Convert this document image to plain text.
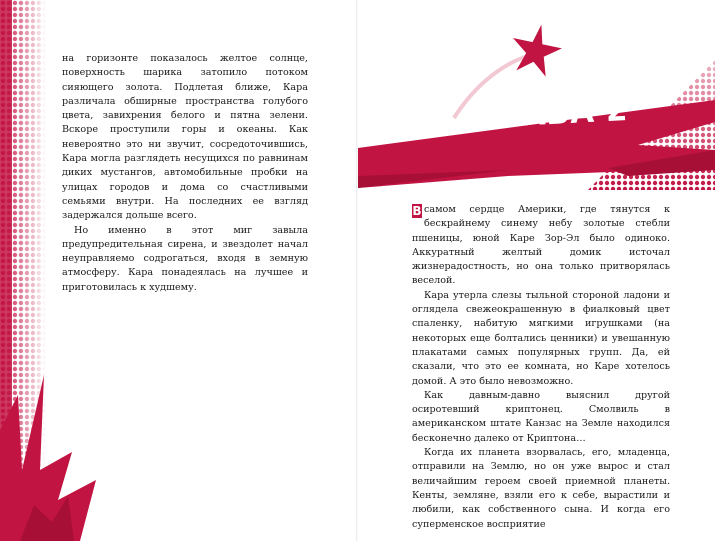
на горизонте показалось желтое солнце, поверхность шарика затопило потоком сияющего золота. Подлетая ближе, Кара различала обширные пространства голубого цвета, завихрения белого и пятна зелени. Вскоре проступили горы и океаны. Как невероятно это ни звучит, сосредоточившись, Кара могла разглядеть несущихся по равнинам диких мустангов, автомобильные пробки на улицах городов и дома со счастливыми семьями внутри. На последних ее взгляд задержался дольше всего.

Но именно в этот миг завыла предупредительная сирена, и звездолет начал неуправляемо содрогаться, входя в земную атмосферу. Кара понадеялась на лучшее и приготовилась к худшему.

ГЛАВА 2

В самом сердце Америки, где тянутся к бескрайнему синему небу золотые стебли пшеницы, юной Каре Зор-Эл было одиноко. Аккуратный желтый домик источал жизнерадостность, но она только притворялась веселой.

Кара утерла слезы тыльной стороной ладони и огляделa свежеокрашенную в фиалковый цвет спаленку, набитую мягкими игрушками (на некоторых еще болтались ценники) и увешанную плакатами самых популярных групп. Да, ей сказали, что это ее комната, но Каре хотелось домой. А это было невозможно.

Как давным-давно выяснил другой осиротевший криптонец. Смолвиль в американском штате Канзас на Земле находился бесконечно далеко от Криптона…

Когда их планета взорвалась, его, младенца, отправили на Землю, но он уже вырос и стал величайшим героем своей приемной планеты. Кенты, земляне, взяли его к себе, вырастили и любили, как собственного сына. И когда его суперменское восприятие
